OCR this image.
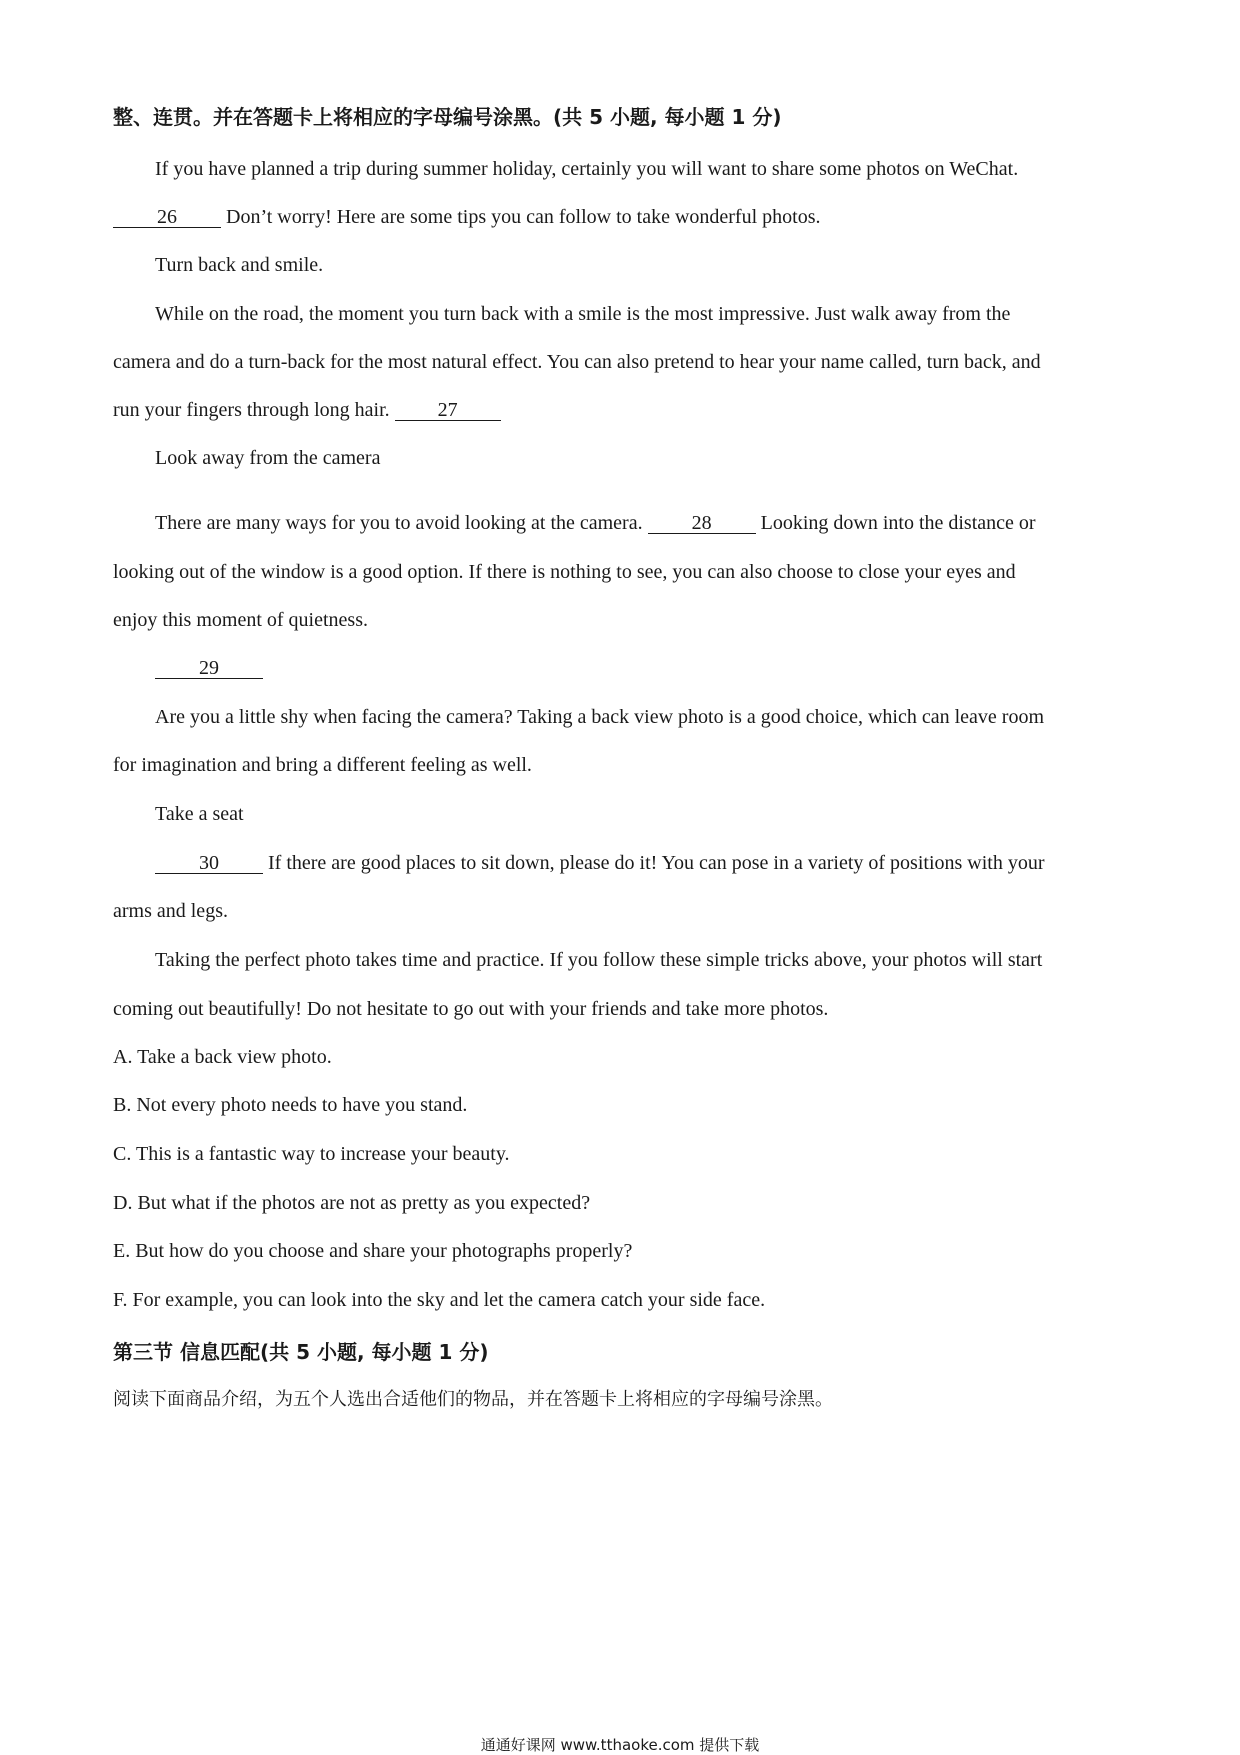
整、连贯。并在答题卡上将相应的字母编号涂黑。(共 5 小题, 每小题 1 分)
If you have planned a trip during summer holiday, certainly you will want to share some photos on WeChat.
26 Don’t worry! Here are some tips you can follow to take wonderful photos.
Turn back and smile.
While on the road, the moment you turn back with a smile is the most impressive. Just walk away from the
camera and do a turn-back for the most natural effect. You can also pretend to hear your name called, turn back, and
run your fingers through long hair. 27
Look away from the camera
There are many ways for you to avoid looking at the camera. 28 Looking down into the distance or
looking out of the window is a good option. If there is nothing to see, you can also choose to close your eyes and
enjoy this moment of quietness.
29
Are you a little shy when facing the camera? Taking a back view photo is a good choice, which can leave room
for imagination and bring a different feeling as well.
Take a seat
30 If there are good places to sit down, please do it! You can pose in a variety of positions with your
arms and legs.
Taking the perfect photo takes time and practice. If you follow these simple tricks above, your photos will start
coming out beautifully! Do not hesitate to go out with your friends and take more photos.
A. Take a back view photo.
B. Not every photo needs to have you stand.
C. This is a fantastic way to increase your beauty.
D. But what if the photos are not as pretty as you expected?
E. But how do you choose and share your photographs properly?
F. For example, you can look into the sky and let the camera catch your side face.
第三节 信息匹配(共 5 小题, 每小题 1 分)
阅读下面商品介绍，为五个人选出合适他们的物品，并在答题卡上将相应的字母编号涂黑。
通通好课网 www.tthaoke.com 提供下载
